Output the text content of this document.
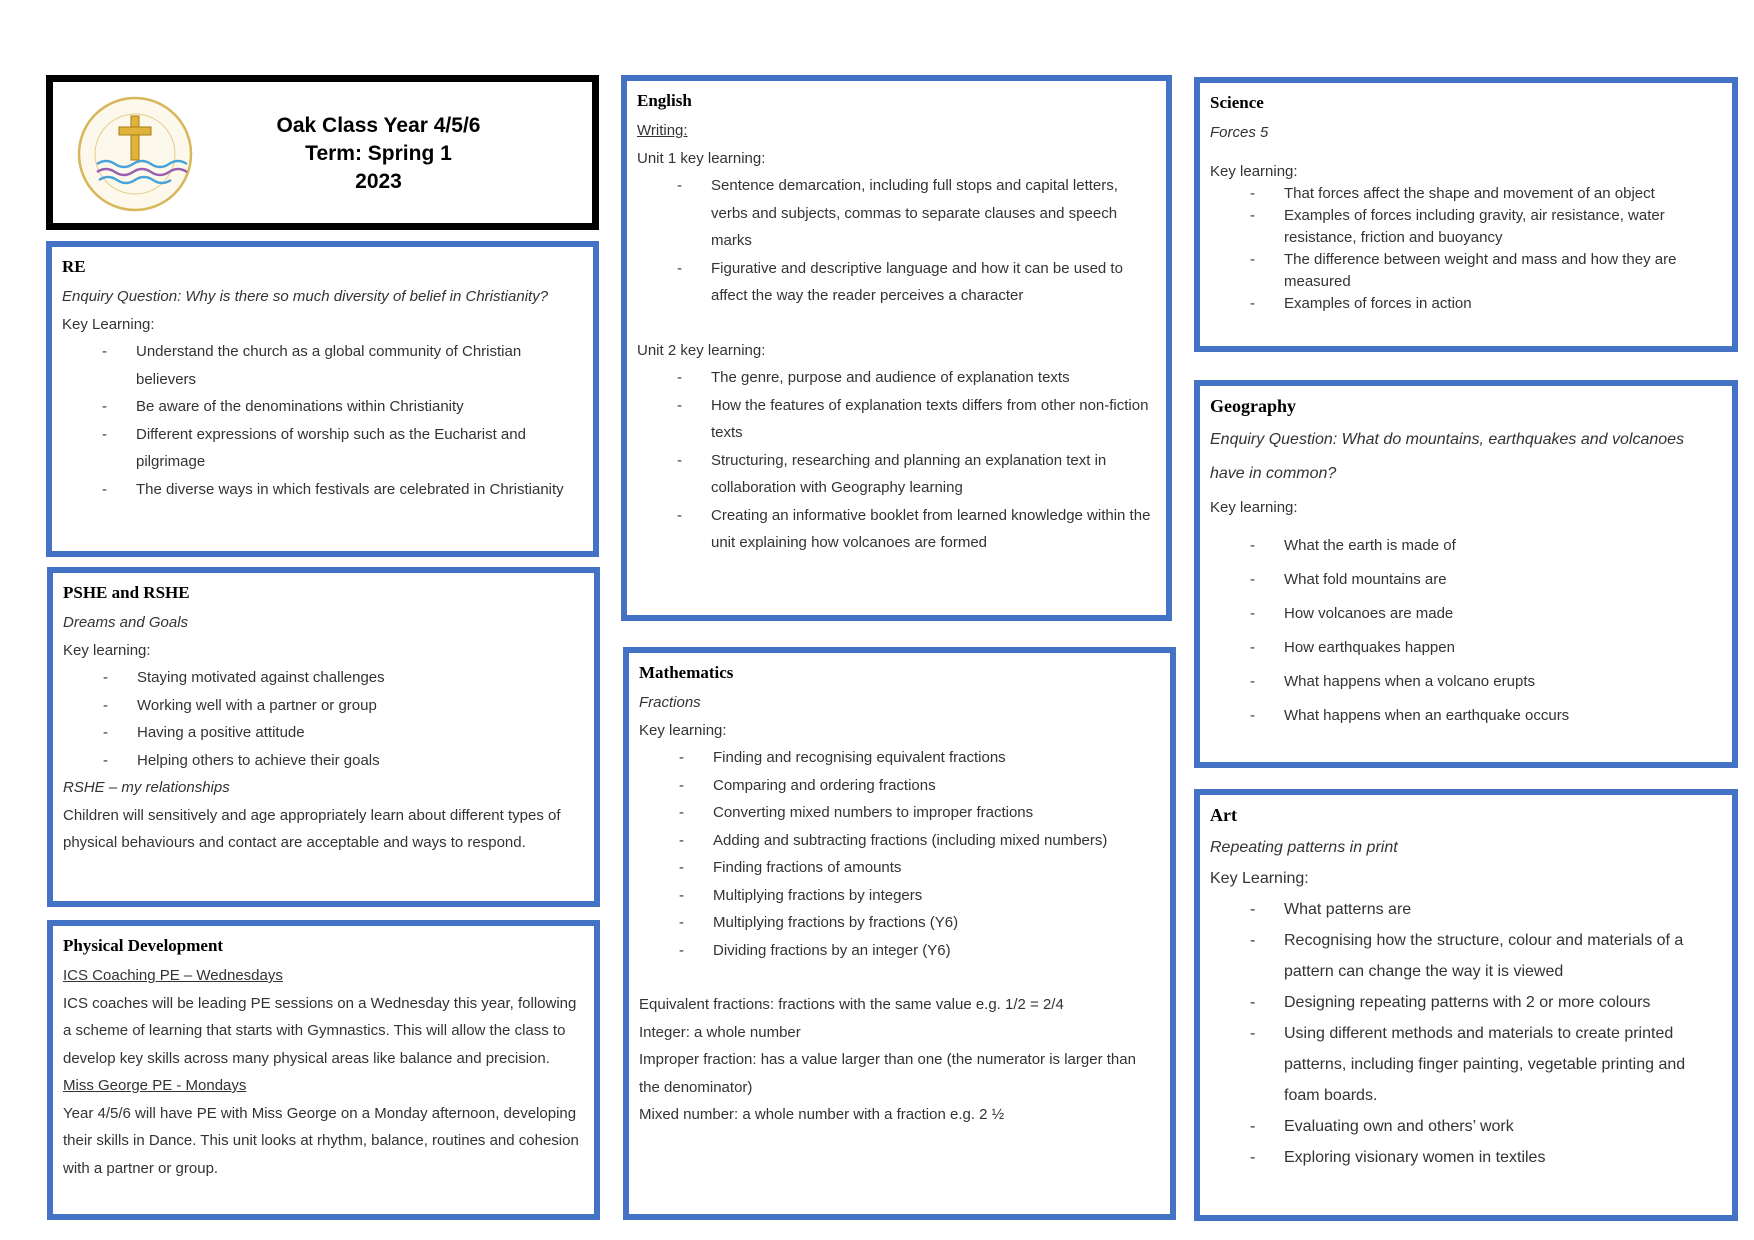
Oak Class Year 4/5/6
Term: Spring 1
2023
RE
Enquiry Question: Why is there so much diversity of belief in Christianity?
Key Learning:
- Understand the church as a global community of Christian believers
- Be aware of the denominations within Christianity
- Different expressions of worship such as the Eucharist and pilgrimage
- The diverse ways in which festivals are celebrated in Christianity
PSHE and RSHE
Dreams and Goals
Key learning:
- Staying motivated against challenges
- Working well with a partner or group
- Having a positive attitude
- Helping others to achieve their goals
RSHE – my relationships
Children will sensitively and age appropriately learn about different types of physical behaviours and contact are acceptable and ways to respond.
Physical Development
ICS Coaching PE – Wednesdays
ICS coaches will be leading PE sessions on a Wednesday this year, following a scheme of learning that starts with Gymnastics. This will allow the class to develop key skills across many physical areas like balance and precision.
Miss George PE - Mondays
Year 4/5/6 will have PE with Miss George on a Monday afternoon, developing their skills in Dance. This unit looks at rhythm, balance, routines and cohesion with a partner or group.
English
Writing:
Unit 1 key learning:
- Sentence demarcation, including full stops and capital letters, verbs and subjects, commas to separate clauses and speech marks
- Figurative and descriptive language and how it can be used to affect the way the reader perceives a character
Unit 2 key learning:
- The genre, purpose and audience of explanation texts
- How the features of explanation texts differs from other non-fiction texts
- Structuring, researching and planning an explanation text in collaboration with Geography learning
- Creating an informative booklet from learned knowledge within the unit explaining how volcanoes are formed
Mathematics
Fractions
Key learning:
- Finding and recognising equivalent fractions
- Comparing and ordering fractions
- Converting mixed numbers to improper fractions
- Adding and subtracting fractions (including mixed numbers)
- Finding fractions of amounts
- Multiplying fractions by integers
- Multiplying fractions by fractions (Y6)
- Dividing fractions by an integer (Y6)
Equivalent fractions: fractions with the same value e.g. 1/2 = 2/4
Integer: a whole number
Improper fraction: has a value larger than one (the numerator is larger than the denominator)
Mixed number: a whole number with a fraction e.g. 2 ½
Science
Forces 5
Key learning:
- That forces affect the shape and movement of an object
- Examples of forces including gravity, air resistance, water resistance, friction and buoyancy
- The difference between weight and mass and how they are measured
- Examples of forces in action
Geography
Enquiry Question: What do mountains, earthquakes and volcanoes have in common?
Key learning:
- What the earth is made of
- What fold mountains are
- How volcanoes are made
- How earthquakes happen
- What happens when a volcano erupts
- What happens when an earthquake occurs
Art
Repeating patterns in print
Key Learning:
- What patterns are
- Recognising how the structure, colour and materials of a pattern can change the way it is viewed
- Designing repeating patterns with 2 or more colours
- Using different methods and materials to create printed patterns, including finger painting, vegetable printing and foam boards.
- Evaluating own and others’ work
- Exploring visionary women in textiles
